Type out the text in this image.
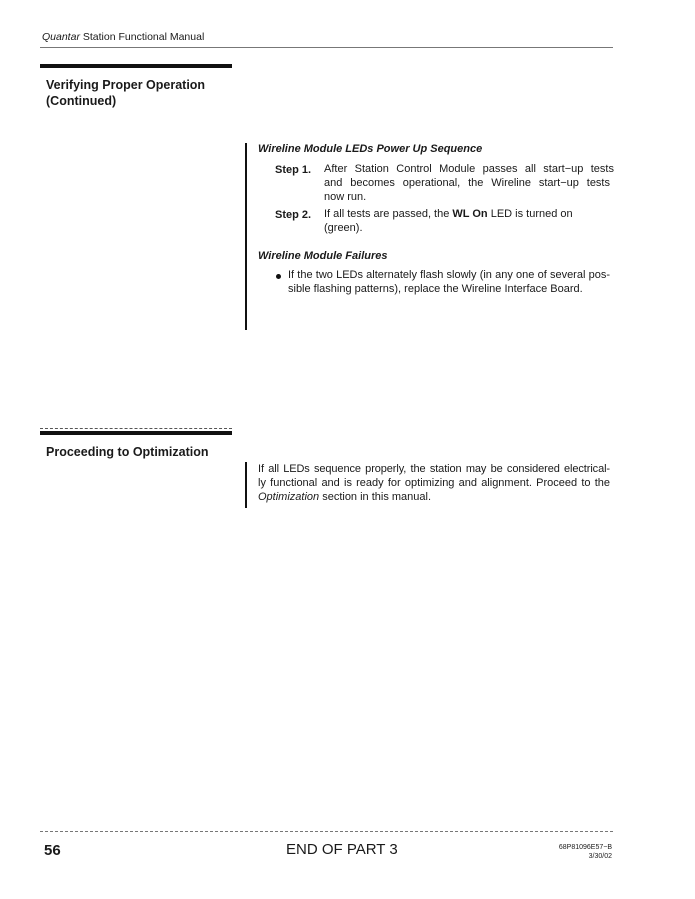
Quantar Station Functional Manual
Verifying Proper Operation
(Continued)
Wireline Module LEDs Power Up Sequence
Step 1. After Station Control Module passes all start−up tests
and becomes operational, the Wireline start−up tests
now run.
Step 2. If all tests are passed, the WL On LED is turned on
(green).
Wireline Module Failures
If the two LEDs alternately flash slowly (in any one of several pos-
sible flashing patterns), replace the Wireline Interface Board.
Proceeding to Optimization
If all LEDs sequence properly, the station may be considered electrical-
ly functional and is ready for optimizing and alignment. Proceed to the
Optimization section in this manual.
56	END OF PART 3	68P81096E57−B
3/30/02
